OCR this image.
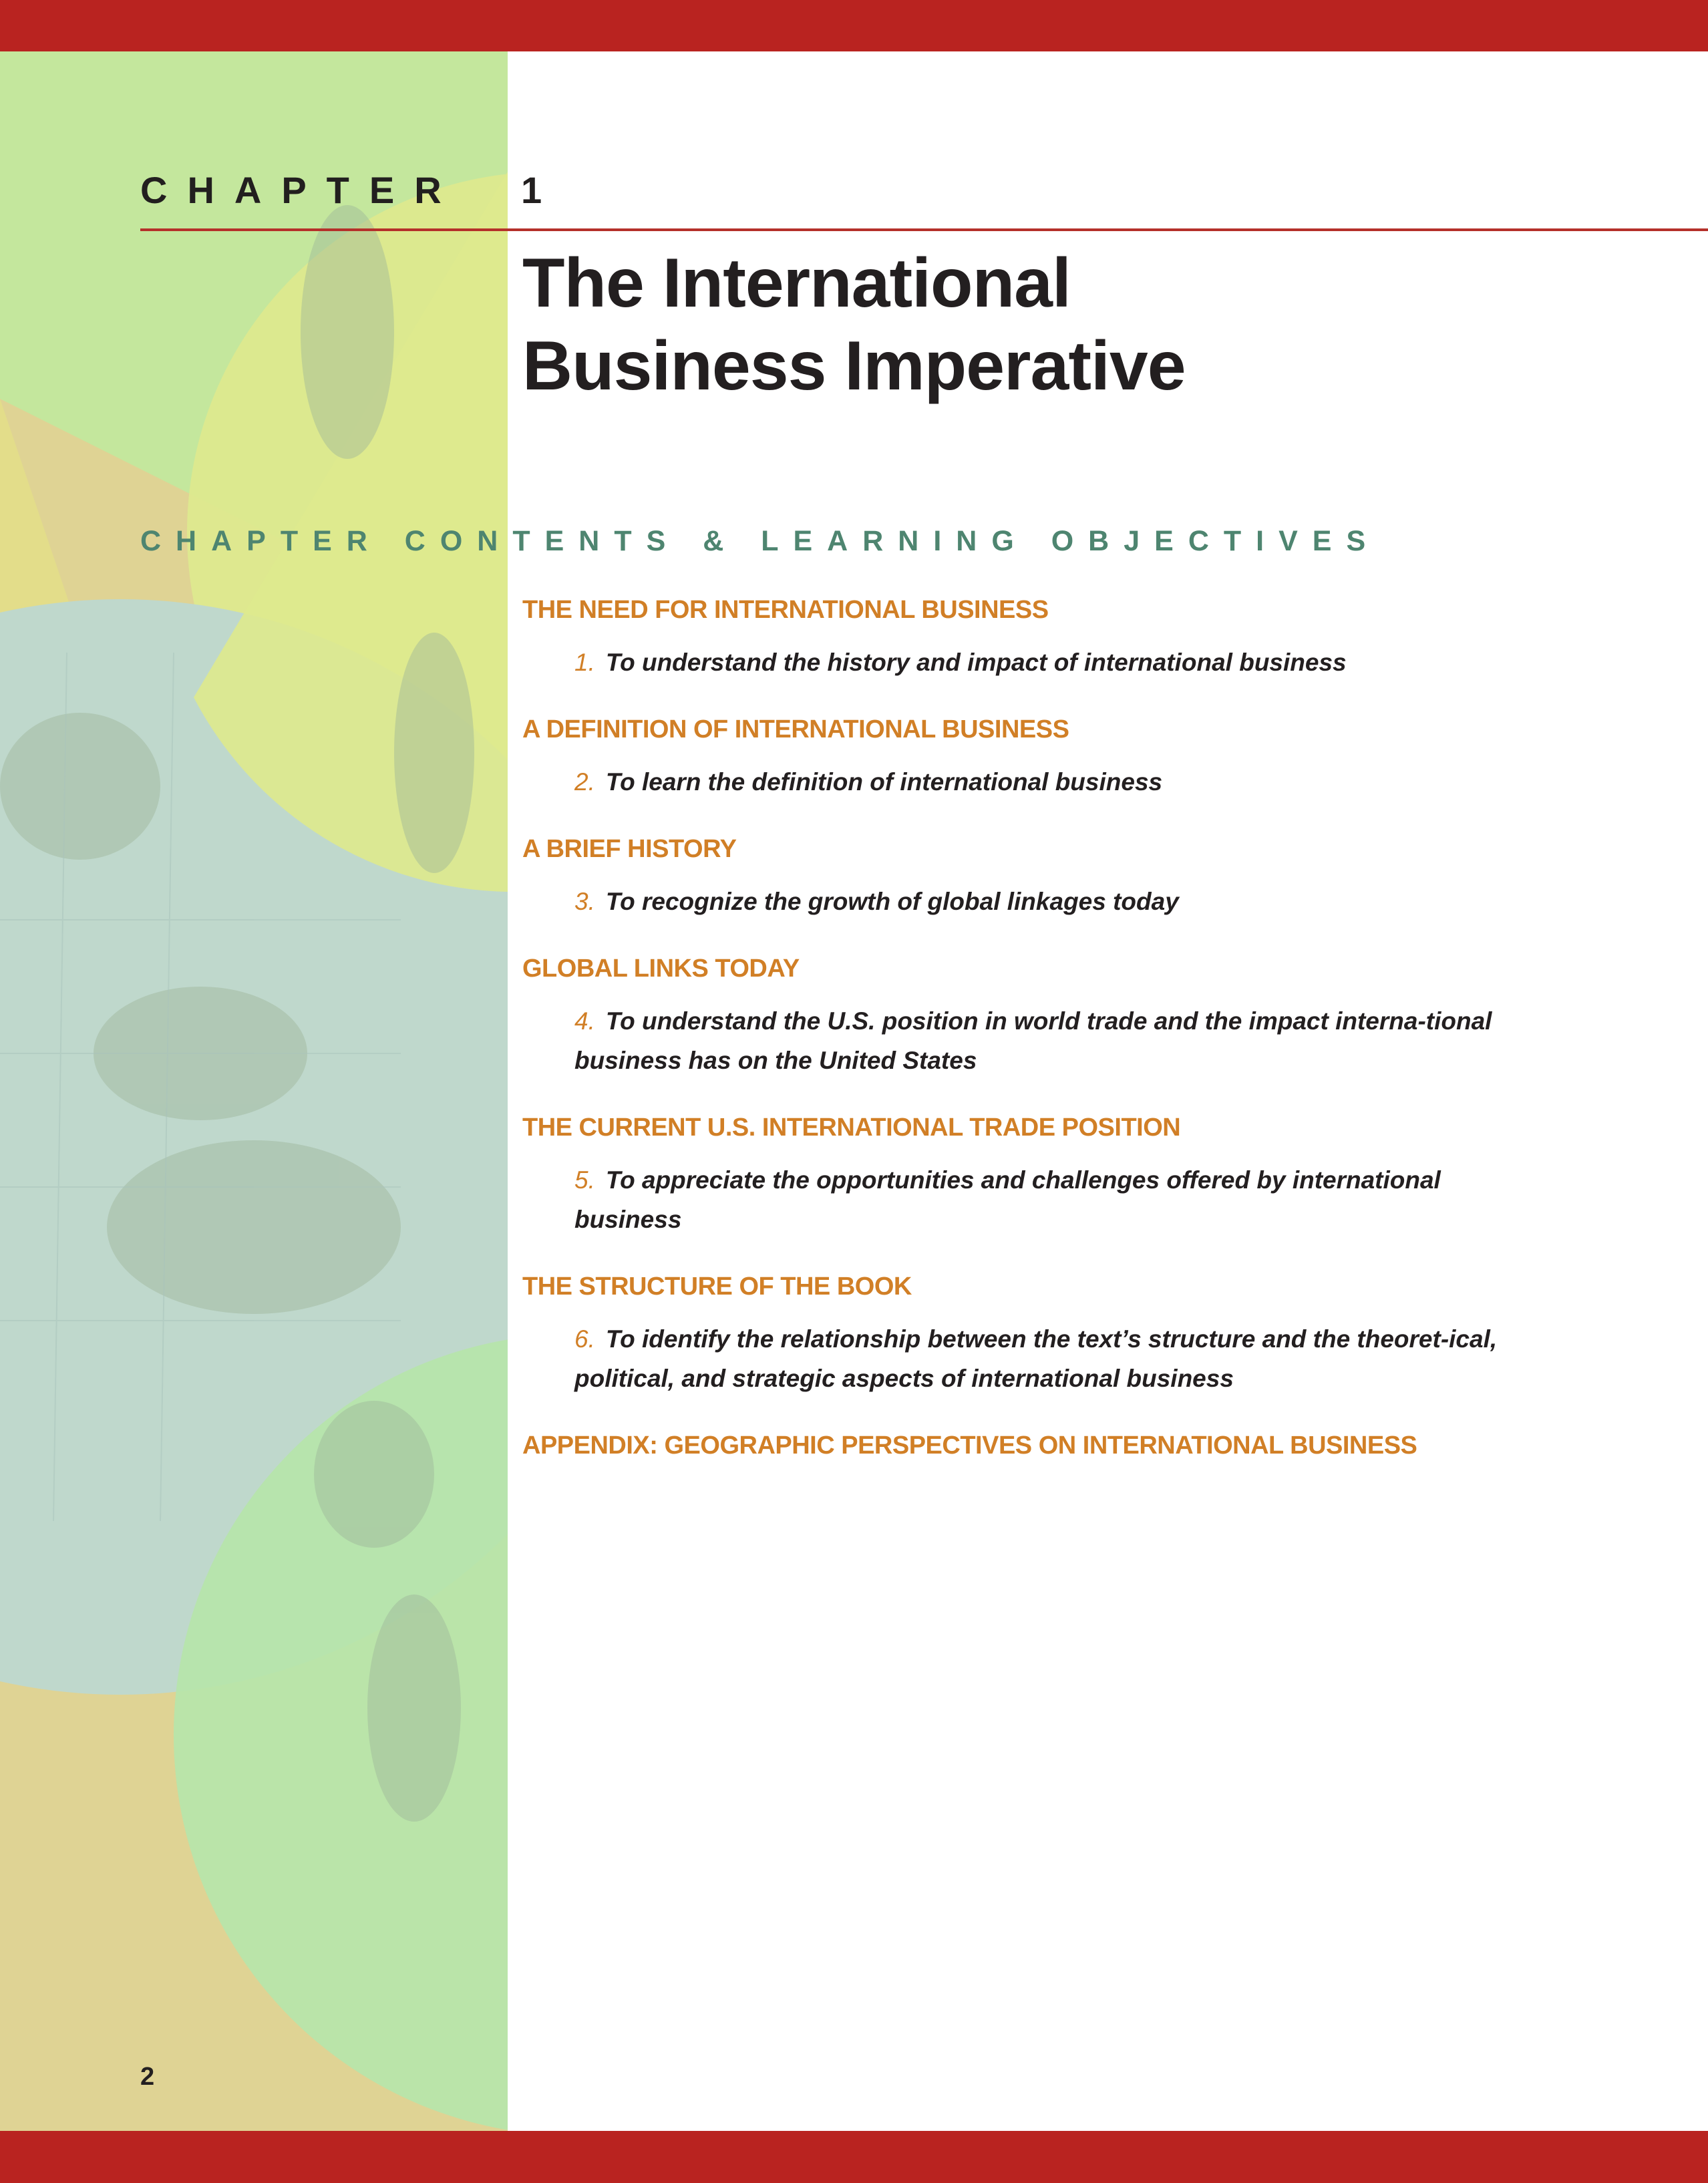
CHAPTER 1
The International
Business Imperative
CHAPTER CONTENTS & LEARNING OBJECTIVES
THE NEED FOR INTERNATIONAL BUSINESS
1. To understand the history and impact of international business
A DEFINITION OF INTERNATIONAL BUSINESS
2. To learn the definition of international business
A BRIEF HISTORY
3. To recognize the growth of global linkages today
GLOBAL LINKS TODAY
4. To understand the U.S. position in world trade and the impact interna-tional business has on the United States
THE CURRENT U.S. INTERNATIONAL TRADE POSITION
5. To appreciate the opportunities and challenges offered by international business
THE STRUCTURE OF THE BOOK
6. To identify the relationship between the text’s structure and the theoret-ical, political, and strategic aspects of international business
APPENDIX: GEOGRAPHIC PERSPECTIVES ON INTERNATIONAL BUSINESS
2
